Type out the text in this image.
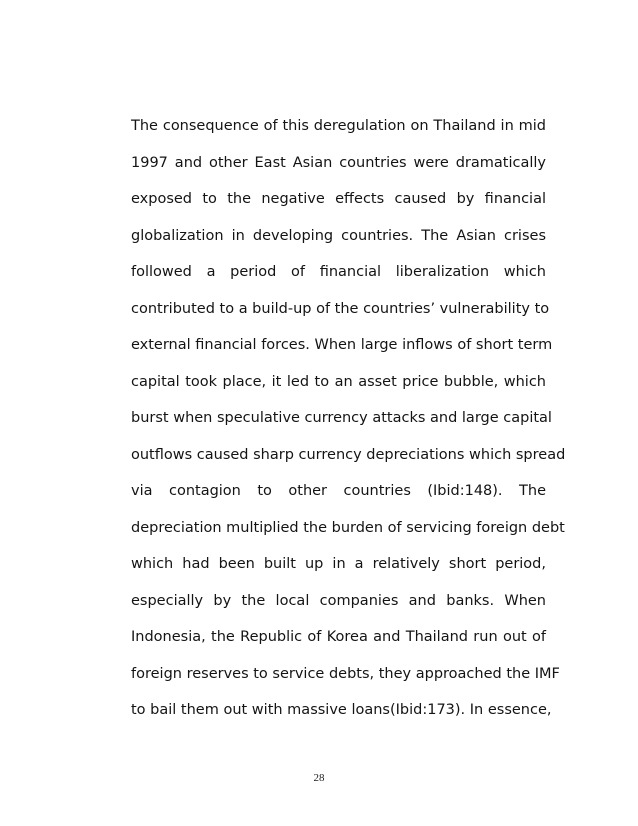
The consequence of this deregulation on Thailand in mid
1997 and other East Asian countries were dramatically
exposed to the negative effects caused by financial
globalization in developing countries. The Asian crises
followed a period of financial liberalization which
contributed to a build-up of the countries’ vulnerability to
external financial forces. When large inflows of short term
capital took place, it led to an asset price bubble, which
burst when speculative currency attacks and large capital
outflows caused sharp currency depreciations which spread
via contagion to other countries (Ibid:148). The
depreciation multiplied the burden of servicing foreign debt
which had been built up in a relatively short period,
especially by the local companies and banks. When
Indonesia, the Republic of Korea and Thailand run out of
foreign reserves to service debts, they approached the IMF
to bail them out with massive loans(Ibid:173). In essence,
28
